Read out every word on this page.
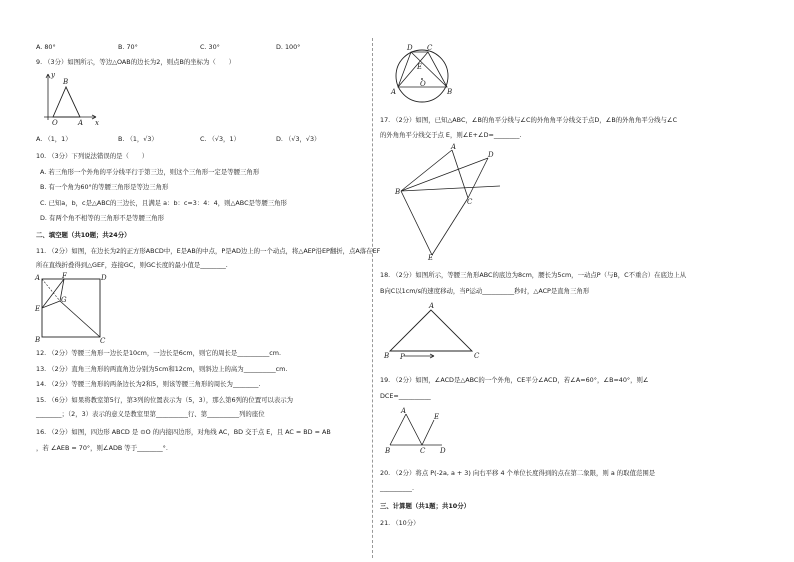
A. 80°	B. 70°	C. 30°	D. 100°
9. （3分）如图所示，等边△OAB的边长为2，则点B的坐标为（　　）
B
O	A
y
x
A. （1，1）	B. （1，√3）	C. （√3，1）	D. （√3，√3）
10. （3分）下列说法错误的是（　　）
A. 若三角形一个外角的平分线平行于第三边，则这个三角形一定是等腰三角形
B. 有一个角为60°的等腰三角形是等边三角形
C. 已知a，b，c是△ABC的三边长，且满足 a：b：c=3：4：4，则△ABC是等腰三角形
D. 有两个角不相等的三角形不是等腰三角形
二、填空题（共10题；共24分）
11. （2分）如图，在边长为2的正方形ABCD中，E是AB的中点，P是AD边上的一个动点，将△AEP沿EP翻折，点A落在EF
所在直线折叠得到△GEF，连接GC，则GC长度的最小值是________.
A	F	D
G
E
B	C
12. （2分）等腰三角形一边长是10cm，一边长是6cm，则它的周长是__________cm.
13. （2分）直角三角形的两直角边分别为5cm和12cm，则斜边上的高为__________cm.
14. （2分）等腰三角形的两条边长为2和5，则该等腰三角形的周长为________.
15. （6分）如果将教室第5行，第3列的位置表示为（5，3），那么第6列的位置可以表示为
________；（2，3）表示的意义是教室里第__________行、第__________列的座位
16. （2分）如图，四边形 ABCD 是 ⊙O 的内接四边形，对角线 AC，BD 交于点 E，且 AC = BD = AB
，若 ∠AEB = 70°，则∠ADB 等于________°.
D C
E
O
A	B
17. （2分）如图，已知△ABC，∠B的角平分线与∠C的外角角平分线交于点D，∠B的外角角平分线与∠C
的外角角平分线交于点 E，则∠E+∠D=________.
A
D
B
C
E
18. （2分）如图所示，等腰三角形ABC的底边为8cm，腰长为5cm，一动点P（与B，C不重合）在底边上从
B向C以1cm/s的速度移动，当P运动__________秒时，△ACP是直角三角形
A
B P	C
19. （2分）如图，∠ACD是△ABC的一个外角，CE平分∠ACD，若∠A=60°，∠B=40°，则∠
DCE=__________
A
E
B	C D
20. （2分）将点 P(-2a, a + 3) 向右平移 4 个单位长度得到的点在第二象限，则 a 的取值范围是
__________.
三、计算题（共1题；共10分）
21. （10分）
